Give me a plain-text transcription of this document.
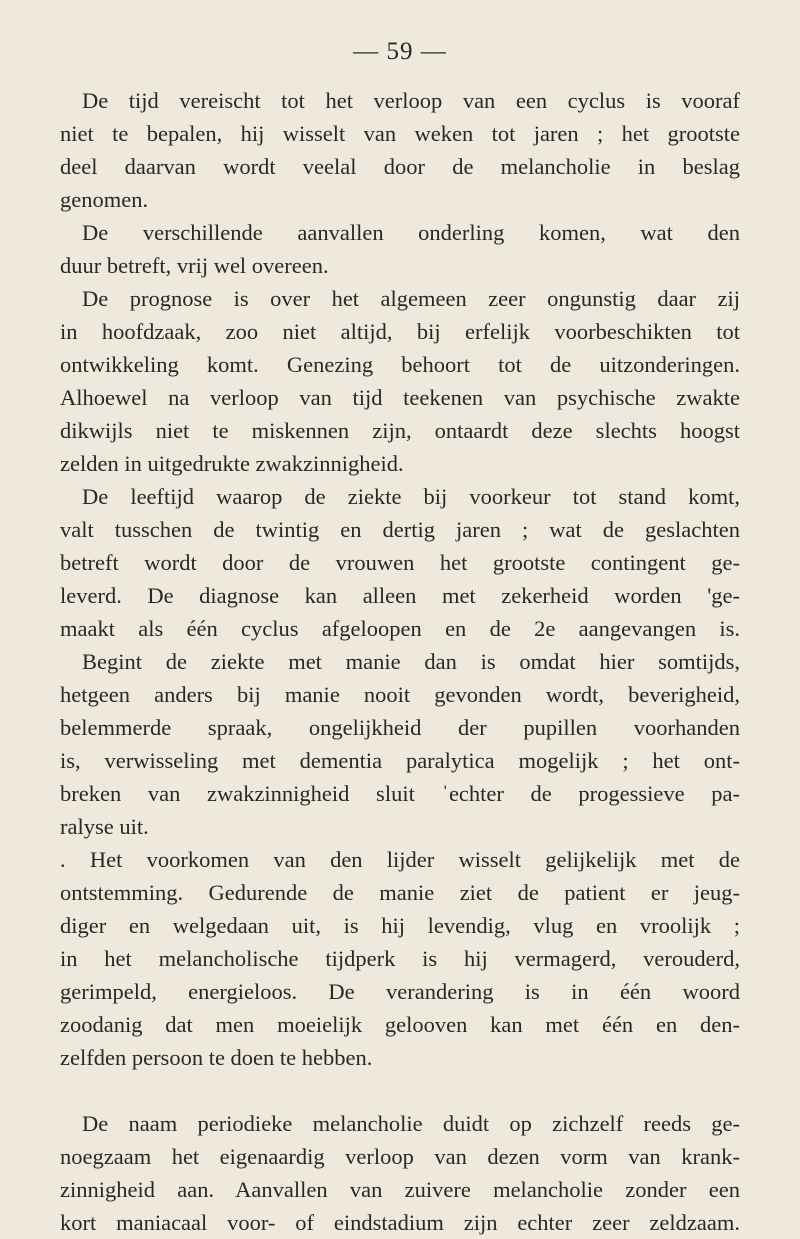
— 59 —
De tijd vereischt tot het verloop van een cyclus is vooraf
niet te bepalen, hij wisselt van weken tot jaren ; het grootste
deel daarvan wordt veelal door de melancholie in beslag
genomen.
De verschillende aanvallen onderling komen, wat den
duur betreft, vrij wel overeen.
De prognose is over het algemeen zeer ongunstig daar zij
in hoofdzaak, zoo niet altijd, bij erfelijk voorbeschikten tot
ontwikkeling komt. Genezing behoort tot de uitzonderingen.
Alhoewel na verloop van tijd teekenen van psychische zwakte
dikwijls niet te miskennen zijn, ontaardt deze slechts hoogst
zelden in uitgedrukte zwakzinnigheid.
De leeftijd waarop de ziekte bij voorkeur tot stand komt,
valt tusschen de twintig en dertig jaren ; wat de geslachten
betreft wordt door de vrouwen het grootste contingent ge-
leverd. De diagnose kan alleen met zekerheid worden 'ge-
maakt als één cyclus afgeloopen en de 2e aangevangen is.
Begint de ziekte met manie dan is omdat hier somtijds,
hetgeen anders bij manie nooit gevonden wordt, beverigheid,
belemmerde spraak, ongelijkheid der pupillen voorhanden
is, verwisseling met dementia paralytica mogelijk ; het ont-
breken van zwakzinnigheid sluit ˈechter de progessieve pa-
ralyse uit.
. Het voorkomen van den lijder wisselt gelijkelijk met de
ontstemming. Gedurende de manie ziet de patient er jeug-
diger en welgedaan uit, is hij levendig, vlug en vroolijk ;
in het melancholische tijdperk is hij vermagerd, verouderd,
gerimpeld, energieloos. De verandering is in één woord
zoodanig dat men moeielijk gelooven kan met één en den-
zelfden persoon te doen te hebben.
De naam periodieke melancholie duidt op zichzelf reeds ge-
noegzaam het eigenaardig verloop van dezen vorm van krank-
zinnigheid aan. Aanvallen van zuivere melancholie zonder een
kort maniacaal voor- of eindstadium zijn echter zeer zeldzaam.
